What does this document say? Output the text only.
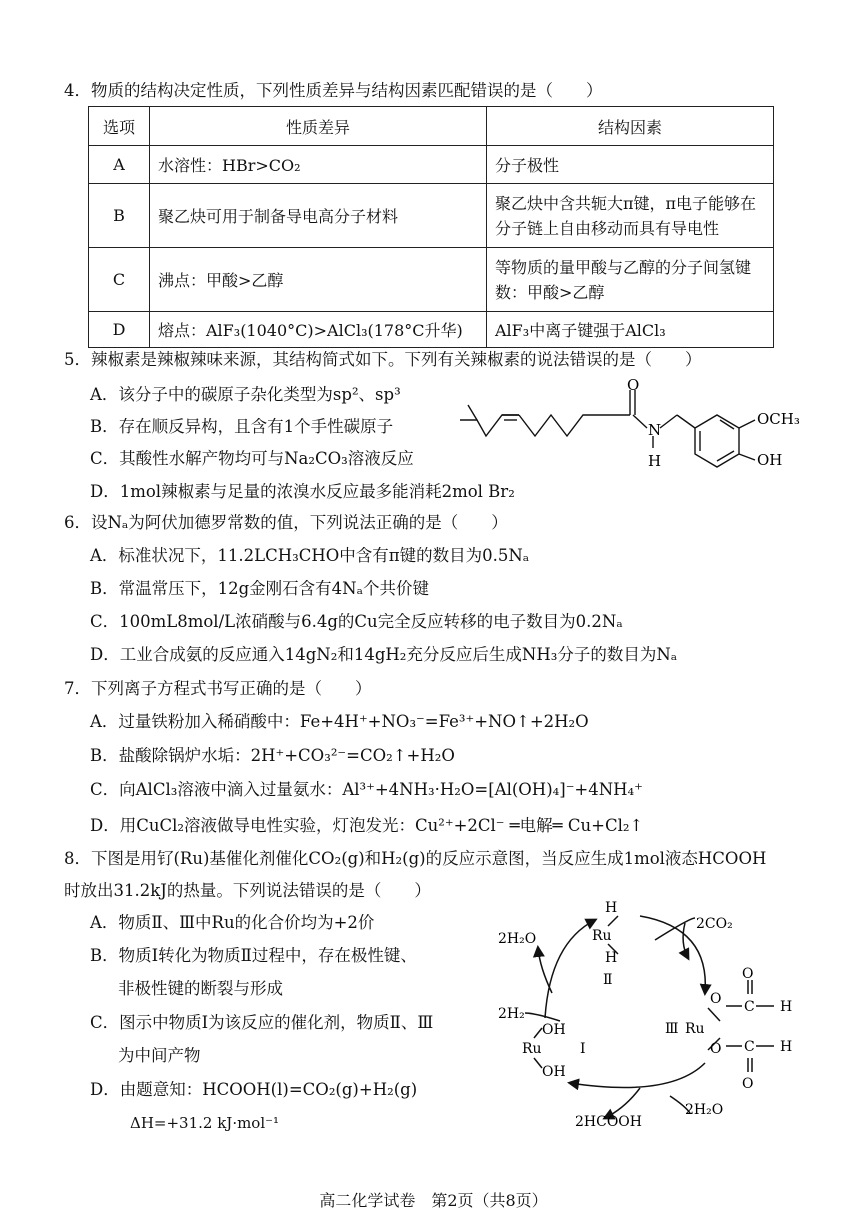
4．物质的结构决定性质，下列性质差异与结构因素匹配错误的是（　　）
选项	性质差异	结构因素
A	水溶性：HBr>CO₂	分子极性
B	聚乙炔可用于制备导电高分子材料	聚乙炔中含共轭大π键，π电子能够在分子链上自由移动而具有导电性
C	沸点：甲酸>乙醇	等物质的量甲酸与乙醇的分子间氢键数：甲酸>乙醇
D	熔点：AlF₃(1040°C)>AlCl₃(178°C升华)	AlF₃中离子键强于AlCl₃
5．辣椒素是辣椒辣味来源，其结构简式如下。下列有关辣椒素的说法错误的是（　　）
A．该分子中的碳原子杂化类型为sp²、sp³
B．存在顺反异构，且含有1个手性碳原子
C．其酸性水解产物均可与Na₂CO₃溶液反应
D．1mol辣椒素与足量的浓溴水反应最多能消耗2mol Br₂
O
N
H
OCH₃
OH
6．设Nₐ为阿伏加德罗常数的值，下列说法正确的是（　　）
A．标准状况下，11.2LCH₃CHO中含有π键的数目为0.5Nₐ
B．常温常压下，12g金刚石含有4Nₐ个共价键
C．100mL8mol/L浓硝酸与6.4g的Cu完全反应转移的电子数目为0.2Nₐ
D．工业合成氨的反应通入14gN₂和14gH₂充分反应后生成NH₃分子的数目为Nₐ
7．下列离子方程式书写正确的是（　　）
A．过量铁粉加入稀硝酸中：Fe+4H⁺+NO₃⁻=Fe³⁺+NO↑+2H₂O
B．盐酸除锅炉水垢：2H⁺+CO₃²⁻=CO₂↑+H₂O
C．向AlCl₃溶液中滴入过量氨水：Al³⁺+4NH₃·H₂O=[Al(OH)₄]⁻+4NH₄⁺
D．用CuCl₂溶液做导电性实验，灯泡发光：Cu²⁺+2Cl⁻ ═电解═ Cu+Cl₂↑
8．下图是用钌(Ru)基催化剂催化CO₂(g)和H₂(g)的反应示意图，当反应生成1mol液态HCOOH
时放出31.2kJ的热量。下列说法错误的是（　　）
A．物质Ⅱ、Ⅲ中Ru的化合价均为+2价
B．物质Ⅰ转化为物质Ⅱ过程中，存在极性键、
非极性键的断裂与形成
C．图示中物质Ⅰ为该反应的催化剂，物质Ⅱ、Ⅲ
为中间产物
D．由题意知：HCOOH(l)=CO₂(g)+H₂(g)
ΔH=+31.2 kJ·mol⁻¹
H
Ru
H
Ⅱ
2CO₂
2H₂O
2H₂
O
O
C H
Ⅲ Ru
O C H
O
OH
Ru	Ⅰ
OH
2HCOOH
2H₂O
高二化学试卷　第2页（共8页）
